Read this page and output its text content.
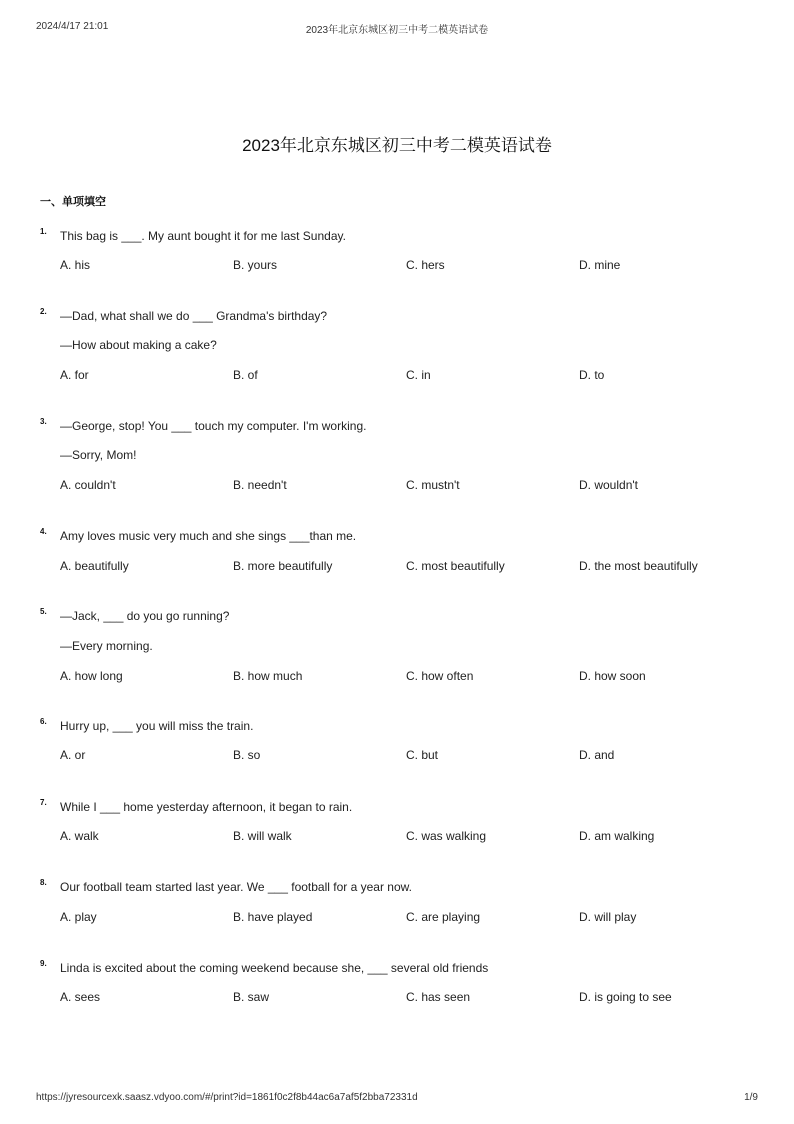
2024/4/17 21:01	2023年北京东城区初三中考二模英语试卷
2023年北京东城区初三中考二模英语试卷
一、单项填空
1. This bag is ___. My aunt bought it for me last Sunday.
A. his	B. yours	C. hers	D. mine
2. —Dad, what shall we do ___ Grandma's birthday?
—How about making a cake?
A. for	B. of	C. in	D. to
3. —George, stop! You ___ touch my computer. I'm working.
—Sorry, Mom!
A. couldn't	B. needn't	C. mustn't	D. wouldn't
4. Amy loves music very much and she sings ___than me.
A. beautifully	B. more beautifully	C. most beautifully	D. the most beautifully
5. —Jack, ___ do you go running?
—Every morning.
A. how long	B. how much	C. how often	D. how soon
6. Hurry up, ___ you will miss the train.
A. or	B. so	C. but	D. and
7. While I ___ home yesterday afternoon, it began to rain.
A. walk	B. will walk	C. was walking	D. am walking
8. Our football team started last year. We ___ football for a year now.
A. play	B. have played	C. are playing	D. will play
9. Linda is excited about the coming weekend because she, ___ several old friends
A. sees	B. saw	C. has seen	D. is going to see
https://jyresourcexk.saasz.vdyoo.com/#/print?id=1861f0c2f8b44ac6a7af5f2bba72331d	1/9
